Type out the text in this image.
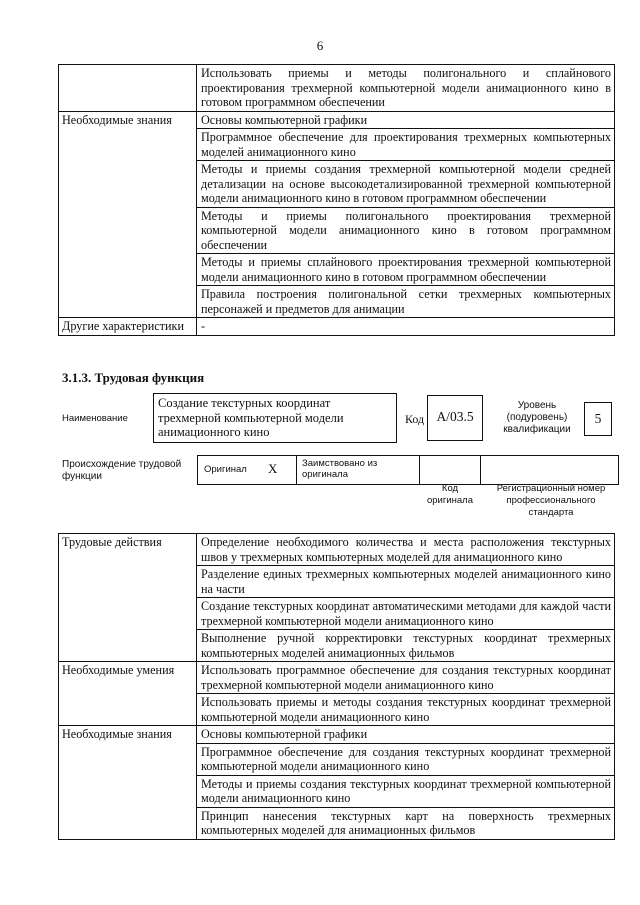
6
	Использовать приемы и методы полигонального и сплайнового проектирования трехмерной компьютерной модели анимационного кино в готовом программном обеспечении
Необходимые знания	Основы компьютерной графики
	Программное обеспечение для проектирования трехмерных компьютерных моделей анимационного кино
	Методы и приемы создания трехмерной компьютерной модели средней детализации на основе высокодетализированной трехмерной компьютерной модели анимационного кино в готовом программном обеспечении
	Методы и приемы полигонального проектирования трехмерной компьютерной модели анимационного кино в готовом программном обеспечении
	Методы и приемы сплайнового проектирования трехмерной компьютерной модели анимационного кино в готовом программном обеспечении
	Правила построения полигональной сетки трехмерных компьютерных персонажей и предметов для анимации
Другие характеристики	-
3.1.3. Трудовая функция
Наименование
Создание текстурных координат трехмерной компьютерной модели анимационного кино
Код A/03.5
Уровень (подуровень) квалификации
5
Происхождение трудовой функции
Оригинал X	Заимствовано из оригинала
Код оригинала
Регистрационный номер профессионального стандарта
Трудовые действия	Определение необходимого количества и места расположения текстурных швов у трехмерных компьютерных моделей для анимационного кино
	Разделение единых трехмерных компьютерных моделей анимационного кино на части
	Создание текстурных координат автоматическими методами для каждой части трехмерной компьютерной модели анимационного кино
	Выполнение ручной корректировки текстурных координат трехмерных компьютерных моделей анимационных фильмов
Необходимые умения	Использовать программное обеспечение для создания текстурных координат трехмерной компьютерной модели анимационного кино
	Использовать приемы и методы создания текстурных координат трехмерной компьютерной модели анимационного кино
Необходимые знания	Основы компьютерной графики
	Программное обеспечение для создания текстурных координат трехмерной компьютерной модели анимационного кино
	Методы и приемы создания текстурных координат трехмерной компьютерной модели анимационного кино
	Принцип нанесения текстурных карт на поверхность трехмерных компьютерных моделей для анимационных фильмов
